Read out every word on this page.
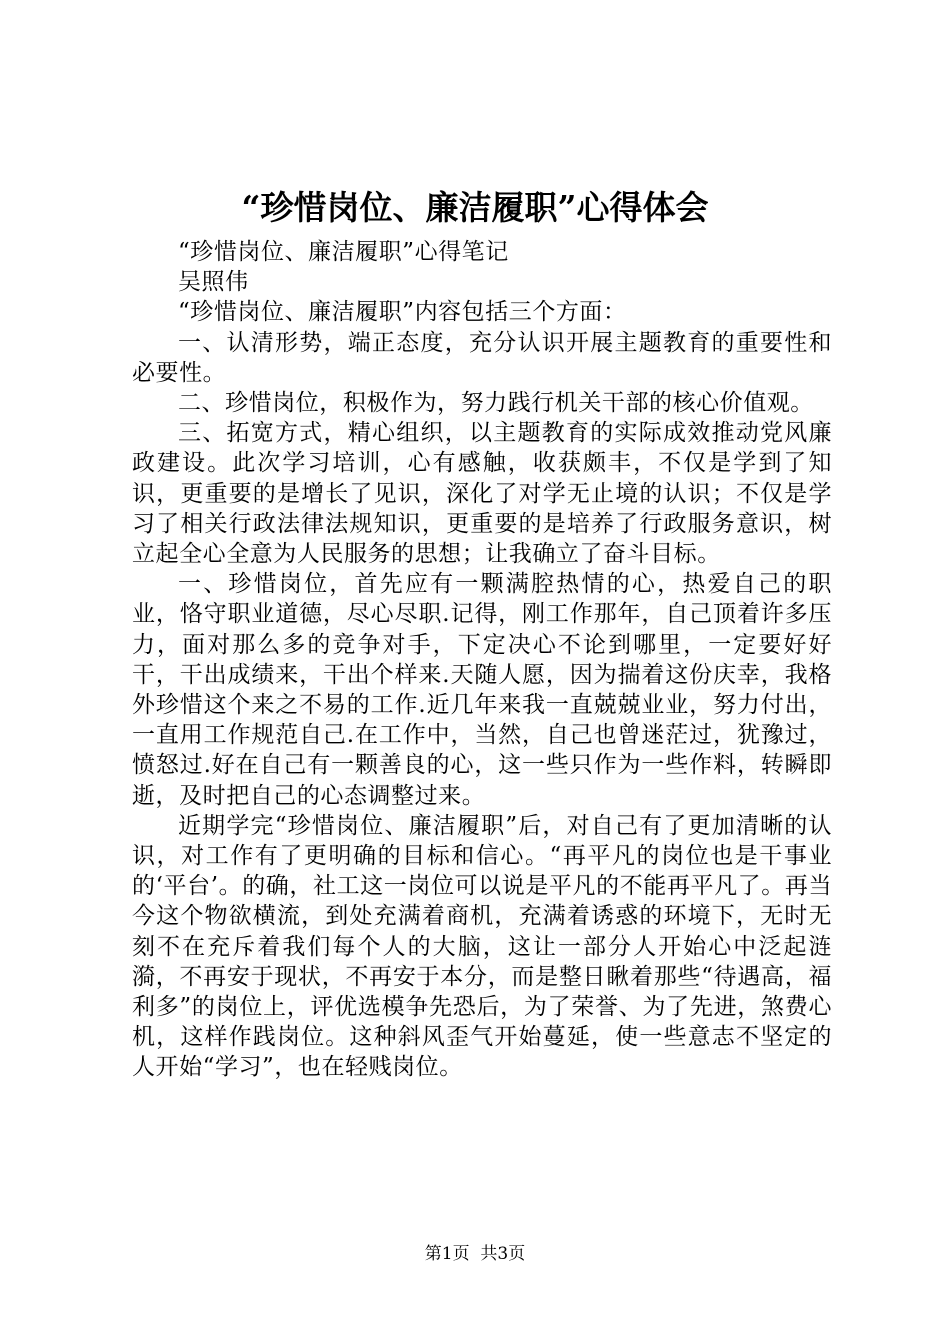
“珍惜岗位、廉洁履职”心得体会

“珍惜岗位、廉洁履职”心得笔记

吴照伟

“珍惜岗位、廉洁履职”内容包括三个方面：

一、认清形势，端正态度，充分认识开展主题教育的重要性和必要性。

二、珍惜岗位，积极作为，努力践行机关干部的核心价值观。

三、拓宽方式，精心组织，以主题教育的实际成效推动党风廉政建设。此次学习培训，心有感触，收获颇丰，不仅是学到了知识，更重要的是增长了见识，深化了对学无止境的认识；不仅是学习了相关行政法律法规知识，更重要的是培养了行政服务意识，树立起全心全意为人民服务的思想；让我确立了奋斗目标。

一、珍惜岗位，首先应有一颗满腔热情的心，热爱自己的职业，恪守职业道德，尽心尽职.记得，刚工作那年，自己顶着许多压力，面对那么多的竞争对手，下定决心不论到哪里，一定要好好干，干出成绩来，干出个样来.天随人愿，因为揣着这份庆幸，我格外珍惜这个来之不易的工作.近几年来我一直兢兢业业，努力付出，一直用工作规范自己.在工作中，当然，自己也曾迷茫过，犹豫过，愤怒过.好在自己有一颗善良的心，这一些只作为一些作料，转瞬即逝，及时把自己的心态调整过来。

近期学完“珍惜岗位、廉洁履职”后，对自己有了更加清晰的认识，对工作有了更明确的目标和信心。“再平凡的岗位也是干事业的‘平台’。的确，社工这一岗位可以说是平凡的不能再平凡了。再当今这个物欲横流，到处充满着商机，充满着诱惑的环境下，无时无刻不在充斥着我们每个人的大脑，这让一部分人开始心中泛起涟漪，不再安于现状，不再安于本分，而是整日瞅着那些“待遇高，福利多”的岗位上，评优选模争先恐后，为了荣誉、为了先进，煞费心机，这样作践岗位。这种斜风歪气开始蔓延，使一些意志不坚定的人开始“学习”，也在轻贱岗位。

第1页 共3页
